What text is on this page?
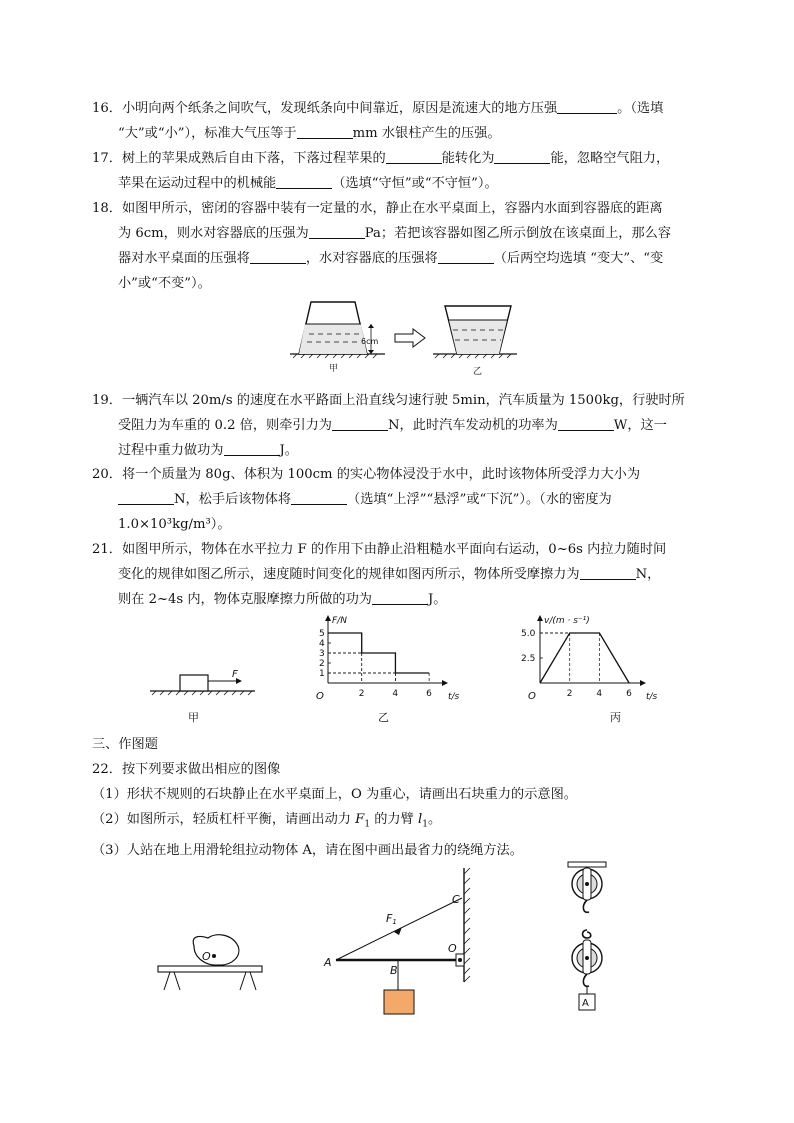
16．小明向两个纸条之间吹气，发现纸条向中间靠近，原因是流速大的地方压强	。（选填
“大”或“小”），标准大气压等于	mm 水银柱产生的压强。
17．树上的苹果成熟后自由下落，下落过程苹果的	能转化为	能，忽略空气阻力，
苹果在运动过程中的机械能	（选填“守恒”或“不守恒”）。
18．如图甲所示，密闭的容器中装有一定量的水，静止在水平桌面上，容器内水面到容器底的距离
为 6cm，则水对容器底的压强为	Pa；若把该容器如图乙所示倒放在该桌面上，那么容
器对水平桌面的压强将	，水对容器底的压强将	（后两空均选填 “变大”、“变
小”或“不变”）。
6cm
甲	乙
19．一辆汽车以 20m/s 的速度在水平路面上沿直线匀速行驶 5min，汽车质量为 1500kg，行驶时所
受阻力为车重的 0.2 倍，则牵引力为	N，此时汽车发动机的功率为	W，这一
过程中重力做功为	J。
20．将一个质量为 80g、体积为 100cm 的实心物体浸没于水中，此时该物体所受浮力大小为
N，松手后该物体将	（选填“上浮”“悬浮”或“下沉”）。（水的密度为
1.0×10³kg/m³）。
21．如图甲所示，物体在水平拉力 F 的作用下由静止沿粗糙水平面向右运动，0~6s 内拉力随时间
变化的规律如图乙所示，速度随时间变化的规律如图丙所示，物体所受摩擦力为	N，
则在 2~4s 内，物体克服摩擦力所做的功为	J。
F
甲
F/N
t/s
O	2	4	6
1
2
3
4
5
乙
v/(m · s⁻¹)
t/s
O	2	4	6
2.5
5.0
丙
三、作图题
22．按下列要求做出相应的图像
（1）形状不规则的石块静止在水平桌面上，O 为重心，请画出石块重力的示意图。
（2）如图所示，轻质杠杆平衡，请画出动力 $F_1$ 的力臂 $l_1$。
（3）人站在地上用滑轮组拉动物体 A，请在图中画出最省力的绕绳方法。
O
C
F1
O
A
B
A
